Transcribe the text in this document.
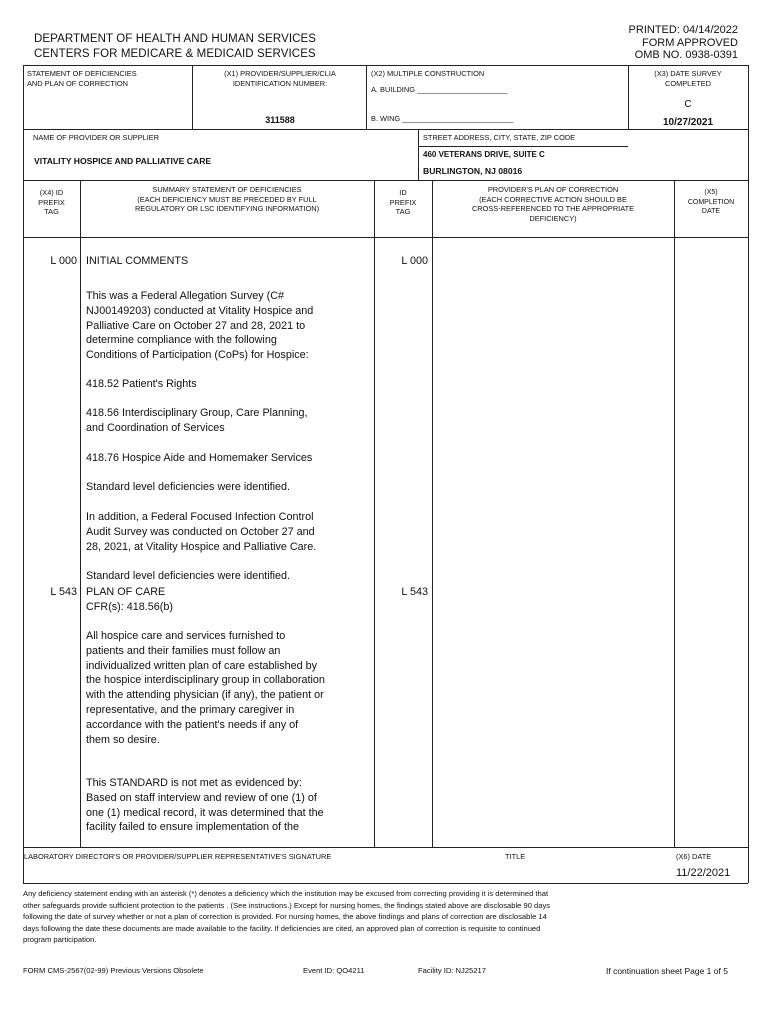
DEPARTMENT OF HEALTH AND HUMAN SERVICES
CENTERS FOR MEDICARE & MEDICAID SERVICES
PRINTED: 04/14/2022
FORM APPROVED
OMB NO. 0938-0391
STATEMENT OF DEFICIENCIES
AND PLAN OF CORRECTION
(X1) PROVIDER/SUPPLIER/CLIA
IDENTIFICATION NUMBER:
311588
(X2) MULTIPLE CONSTRUCTION
A. BUILDING ______________________
B. WING ___________________________
(X3) DATE SURVEY
COMPLETED
C
10/27/2021
NAME OF PROVIDER OR SUPPLIER
VITALITY HOSPICE AND PALLIATIVE CARE
STREET ADDRESS, CITY, STATE, ZIP CODE
460 VETERANS DRIVE, SUITE C
BURLINGTON, NJ 08016
(X4) ID
PREFIX
TAG
SUMMARY STATEMENT OF DEFICIENCIES
(EACH DEFICIENCY MUST BE PRECEDED BY FULL
REGULATORY OR LSC IDENTIFYING INFORMATION)
ID
PREFIX
TAG
PROVIDER'S PLAN OF CORRECTION
(EACH CORRECTIVE ACTION SHOULD BE
CROSS-REFERENCED TO THE APPROPRIATE
DEFICIENCY)
(X5)
COMPLETION
DATE
L 000 INITIAL COMMENTS	L 000
This was a Federal Allegation Survey (C#
NJ00149203) conducted at Vitality Hospice and
Palliative Care on October 27 and 28, 2021 to
determine compliance with the following
Conditions of Participation (CoPs) for Hospice:
418.52 Patient's Rights
418.56 Interdisciplinary Group, Care Planning,
and Coordination of Services
418.76 Hospice Aide and Homemaker Services
Standard level deficiencies were identified.
In addition, a Federal Focused Infection Control
Audit Survey was conducted on October 27 and
28, 2021, at Vitality Hospice and Palliative Care.
Standard level deficiencies were identified.
L 543 PLAN OF CARE
CFR(s): 418.56(b)
L 543
All hospice care and services furnished to
patients and their families must follow an
individualized written plan of care established by
the hospice interdisciplinary group in collaboration
with the attending physician (if any), the patient or
representative, and the primary caregiver in
accordance with the patient's needs if any of
them so desire.
This STANDARD is not met as evidenced by:
Based on staff interview and review of one (1) of
one (1) medical record, it was determined that the
facility failed to ensure implementation of the
LABORATORY DIRECTOR'S OR PROVIDER/SUPPLIER REPRESENTATIVE'S SIGNATURE	TITLE	(X6) DATE
11/22/2021
Any deficiency statement ending with an asterisk (*) denotes a deficiency which the institution may be excused from correcting providing it is determined that
other safeguards provide sufficient protection to the patients . (See instructions.) Except for nursing homes, the findings stated above are disclosable 90 days
following the date of survey whether or not a plan of correction is provided. For nursing homes, the above findings and plans of correction are disclosable 14
days following the date these documents are made available to the facility. If deficiencies are cited, an approved plan of correction is requisite to continued
program participation.
FORM CMS-2567(02-99) Previous Versions Obsolete	Event ID: QO4211	Facility ID: NJ25217	If continuation sheet Page 1 of 5
